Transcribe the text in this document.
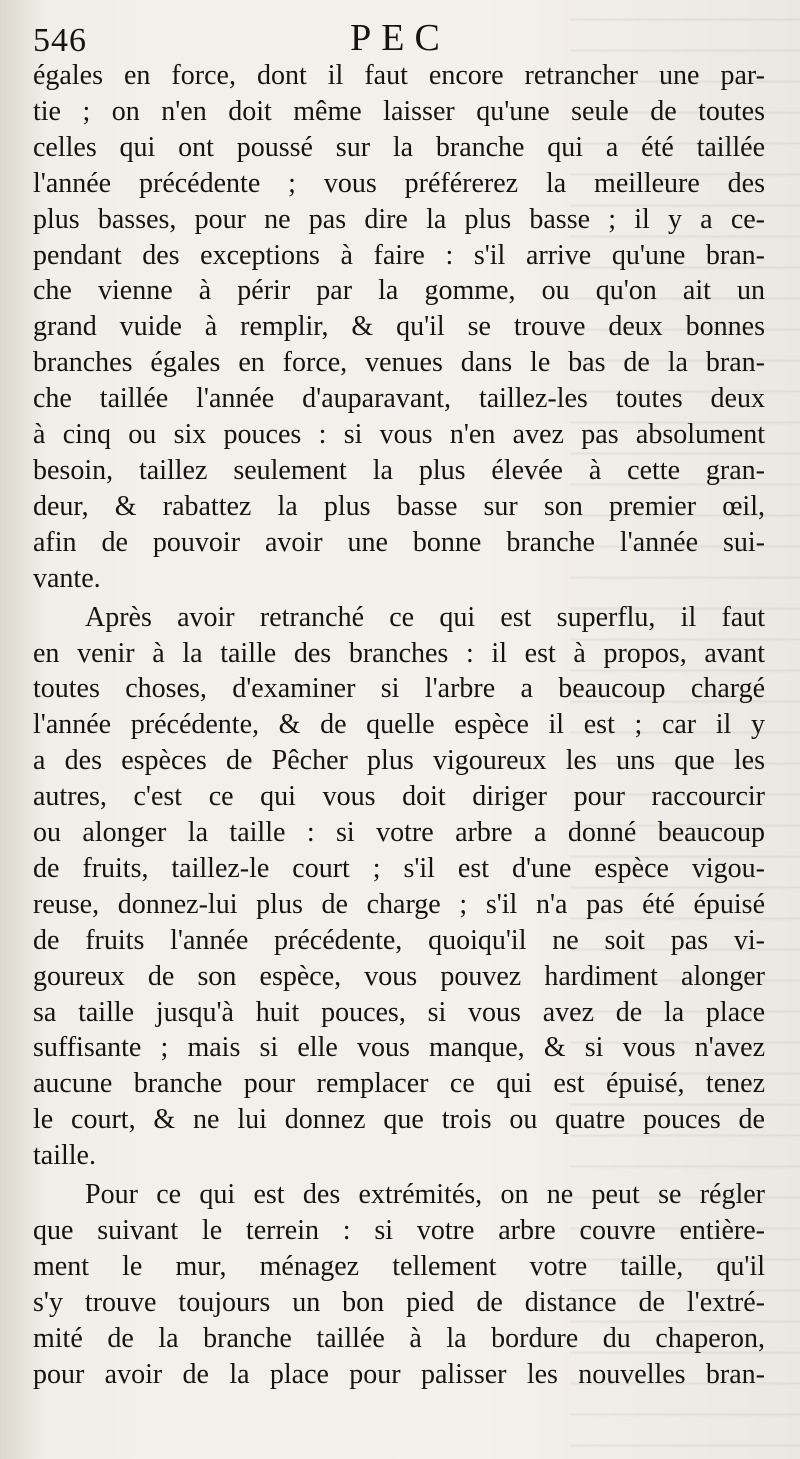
546	PEC
égales en force, dont il faut encore retrancher une par-
tie ; on n'en doit même laisser qu'une seule de toutes
celles qui ont poussé sur la branche qui a été taillée
l'année précédente ; vous préférerez la meilleure des
plus basses, pour ne pas dire la plus basse ; il y a ce-
pendant des exceptions à faire : s'il arrive qu'une bran-
che vienne à périr par la gomme, ou qu'on ait un
grand vuide à remplir, & qu'il se trouve deux bonnes
branches égales en force, venues dans le bas de la bran-
che taillée l'année d'auparavant, taillez-les toutes deux
à cinq ou six pouces : si vous n'en avez pas absolument
besoin, taillez seulement la plus élevée à cette gran-
deur, & rabattez la plus basse sur son premier œil,
afin de pouvoir avoir une bonne branche l'année sui-
vante.
Après avoir retranché ce qui est superflu, il faut
en venir à la taille des branches : il est à propos, avant
toutes choses, d'examiner si l'arbre a beaucoup chargé
l'année précédente, & de quelle espèce il est ; car il y
a des espèces de Pêcher plus vigoureux les uns que les
autres, c'est ce qui vous doit diriger pour raccourcir
ou alonger la taille : si votre arbre a donné beaucoup
de fruits, taillez-le court ; s'il est d'une espèce vigou-
reuse, donnez-lui plus de charge ; s'il n'a pas été épuisé
de fruits l'année précédente, quoiqu'il ne soit pas vi-
goureux de son espèce, vous pouvez hardiment alonger
sa taille jusqu'à huit pouces, si vous avez de la place
suffisante ; mais si elle vous manque, & si vous n'avez
aucune branche pour remplacer ce qui est épuisé, tenez
le court, & ne lui donnez que trois ou quatre pouces de
taille.
Pour ce qui est des extrémités, on ne peut se régler
que suivant le terrein : si votre arbre couvre entière-
ment le mur, ménagez tellement votre taille, qu'il
s'y trouve toujours un bon pied de distance de l'extré-
mité de la branche taillée à la bordure du chaperon,
pour avoir de la place pour palisser les nouvelles bran-
